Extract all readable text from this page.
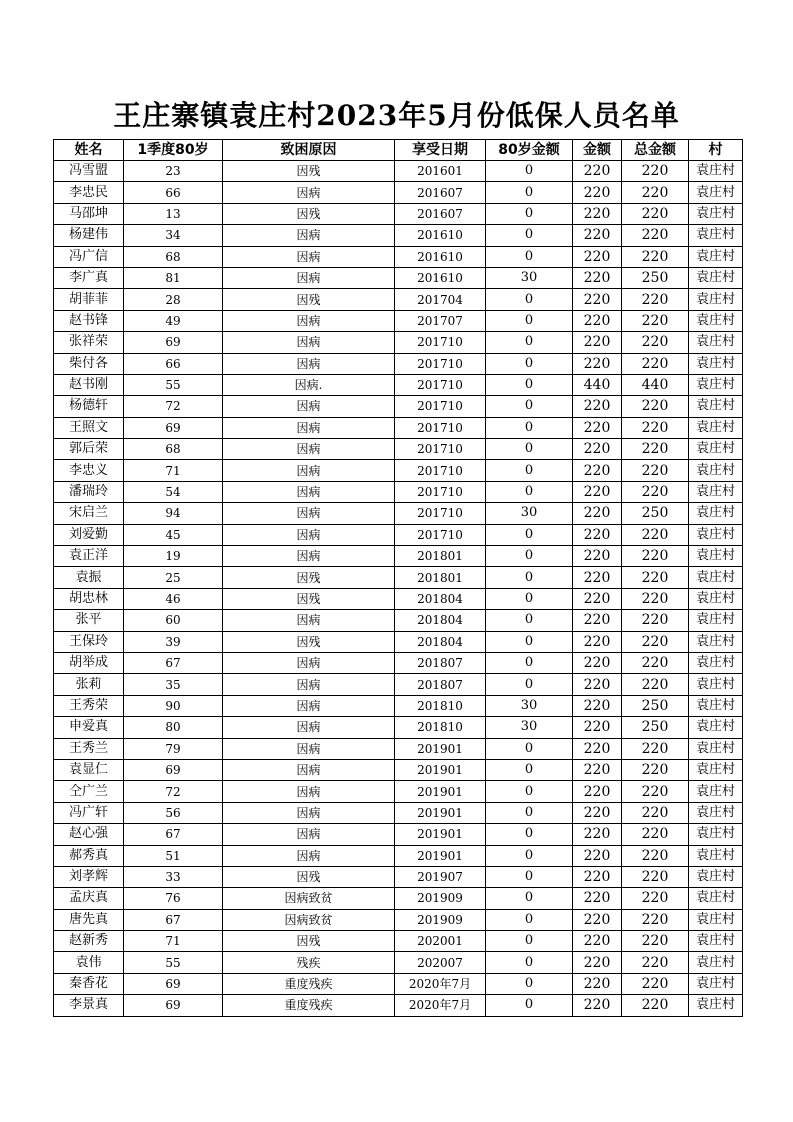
王庄寨镇袁庄村2023年5月份低保人员名单
姓名	1季度80岁	致困原因	享受日期	80岁金额	金额	总金额	村
冯雪盟	23	因残	201601	0	220	220	袁庄村
李忠民	66	因病	201607	0	220	220	袁庄村
马邵坤	13	因残	201607	0	220	220	袁庄村
杨建伟	34	因病	201610	0	220	220	袁庄村
冯广信	68	因病	201610	0	220	220	袁庄村
李广真	81	因病	201610	30	220	250	袁庄村
胡菲菲	28	因残	201704	0	220	220	袁庄村
赵书锋	49	因病	201707	0	220	220	袁庄村
张祥荣	69	因病	201710	0	220	220	袁庄村
柴付各	66	因病	201710	0	220	220	袁庄村
赵书刚	55	因病.	201710	0	440	440	袁庄村
杨德轩	72	因病	201710	0	220	220	袁庄村
王照文	69	因病	201710	0	220	220	袁庄村
郭后荣	68	因病	201710	0	220	220	袁庄村
李忠义	71	因病	201710	0	220	220	袁庄村
潘瑞玲	54	因病	201710	0	220	220	袁庄村
宋启兰	94	因病	201710	30	220	250	袁庄村
刘爱勤	45	因病	201710	0	220	220	袁庄村
袁正洋	19	因病	201801	0	220	220	袁庄村
袁振	25	因残	201801	0	220	220	袁庄村
胡忠林	46	因残	201804	0	220	220	袁庄村
张平	60	因病	201804	0	220	220	袁庄村
王保玲	39	因残	201804	0	220	220	袁庄村
胡举成	67	因病	201807	0	220	220	袁庄村
张莉	35	因病	201807	0	220	220	袁庄村
王秀荣	90	因病	201810	30	220	250	袁庄村
申爱真	80	因病	201810	30	220	250	袁庄村
王秀兰	79	因病	201901	0	220	220	袁庄村
袁显仁	69	因病	201901	0	220	220	袁庄村
仝广兰	72	因病	201901	0	220	220	袁庄村
冯广轩	56	因病	201901	0	220	220	袁庄村
赵心强	67	因病	201901	0	220	220	袁庄村
郝秀真	51	因病	201901	0	220	220	袁庄村
刘孝辉	33	因残	201907	0	220	220	袁庄村
孟庆真	76	因病致贫	201909	0	220	220	袁庄村
唐先真	67	因病致贫	201909	0	220	220	袁庄村
赵新秀	71	因残	202001	0	220	220	袁庄村
袁伟	55	残疾	202007	0	220	220	袁庄村
秦香花	69	重度残疾	2020年7月	0	220	220	袁庄村
李景真	69	重度残疾	2020年7月	0	220	220	袁庄村
